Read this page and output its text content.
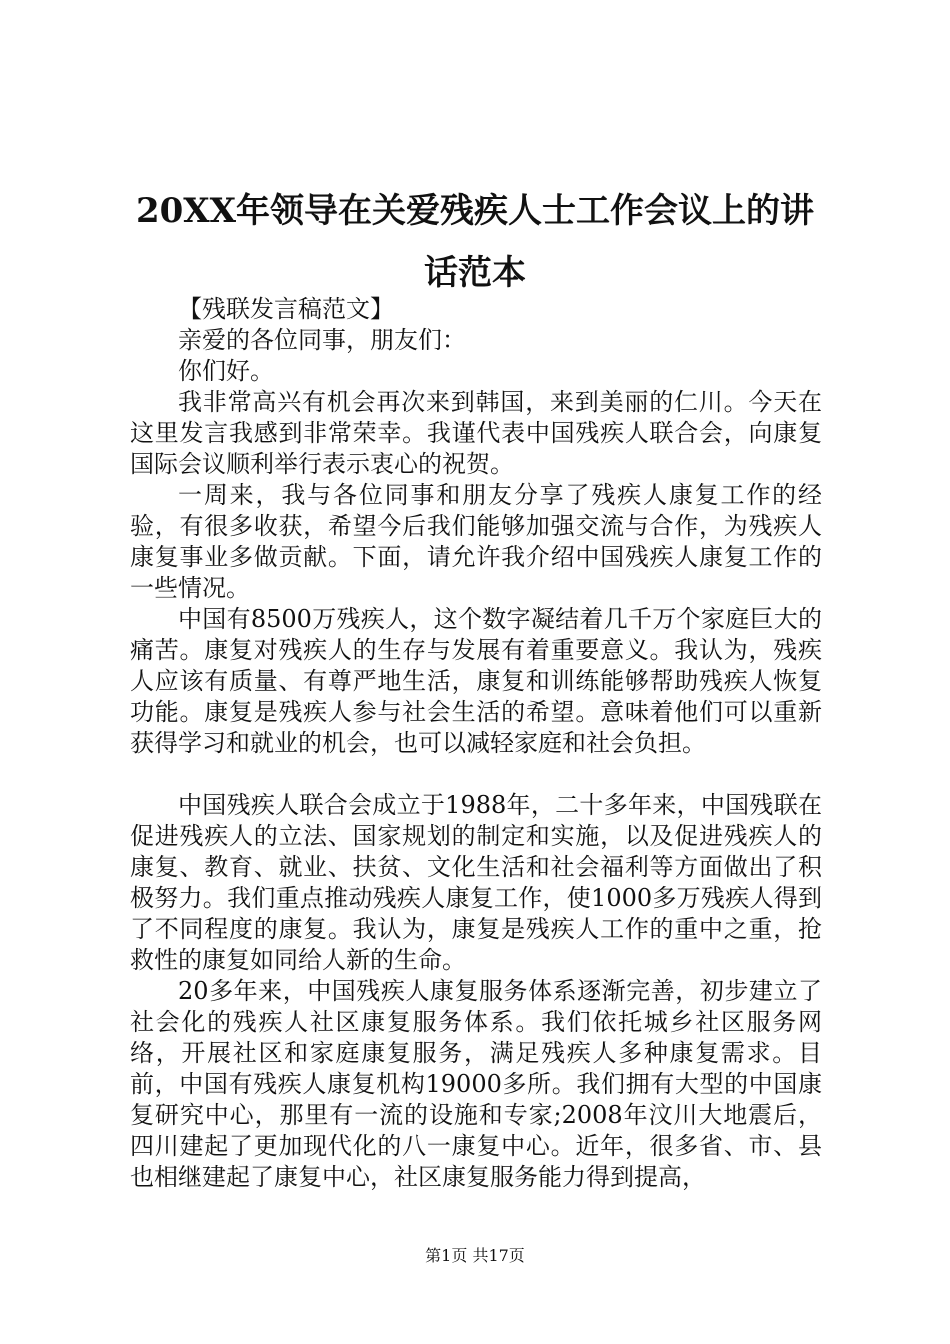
20XX年领导在关爱残疾人士工作会议上的讲话范本

【残联发言稿范文】

亲爱的各位同事，朋友们：

你们好。

我非常高兴有机会再次来到韩国，来到美丽的仁川。今天在这里发言我感到非常荣幸。我谨代表中国残疾人联合会，向康复国际会议顺利举行表示衷心的祝贺。

一周来，我与各位同事和朋友分享了残疾人康复工作的经验，有很多收获，希望今后我们能够加强交流与合作，为残疾人康复事业多做贡献。下面，请允许我介绍中国残疾人康复工作的一些情况。

中国有8500万残疾人，这个数字凝结着几千万个家庭巨大的痛苦。康复对残疾人的生存与发展有着重要意义。我认为，残疾人应该有质量、有尊严地生活，康复和训练能够帮助残疾人恢复功能。康复是残疾人参与社会生活的希望。意味着他们可以重新获得学习和就业的机会，也可以减轻家庭和社会负担。

中国残疾人联合会成立于1988年，二十多年来，中国残联在促进残疾人的立法、国家规划的制定和实施，以及促进残疾人的康复、教育、就业、扶贫、文化生活和社会福利等方面做出了积极努力。我们重点推动残疾人康复工作，使1000多万残疾人得到了不同程度的康复。我认为，康复是残疾人工作的重中之重，抢救性的康复如同给人新的生命。

20多年来，中国残疾人康复服务体系逐渐完善，初步建立了社会化的残疾人社区康复服务体系。我们依托城乡社区服务网络，开展社区和家庭康复服务，满足残疾人多种康复需求。目前，中国有残疾人康复机构19000多所。我们拥有大型的中国康复研究中心，那里有一流的设施和专家;2008年汶川大地震后，四川建起了更加现代化的八一康复中心。近年，很多省、市、县也相继建起了康复中心，社区康复服务能力得到提高，

第1页 共17页
